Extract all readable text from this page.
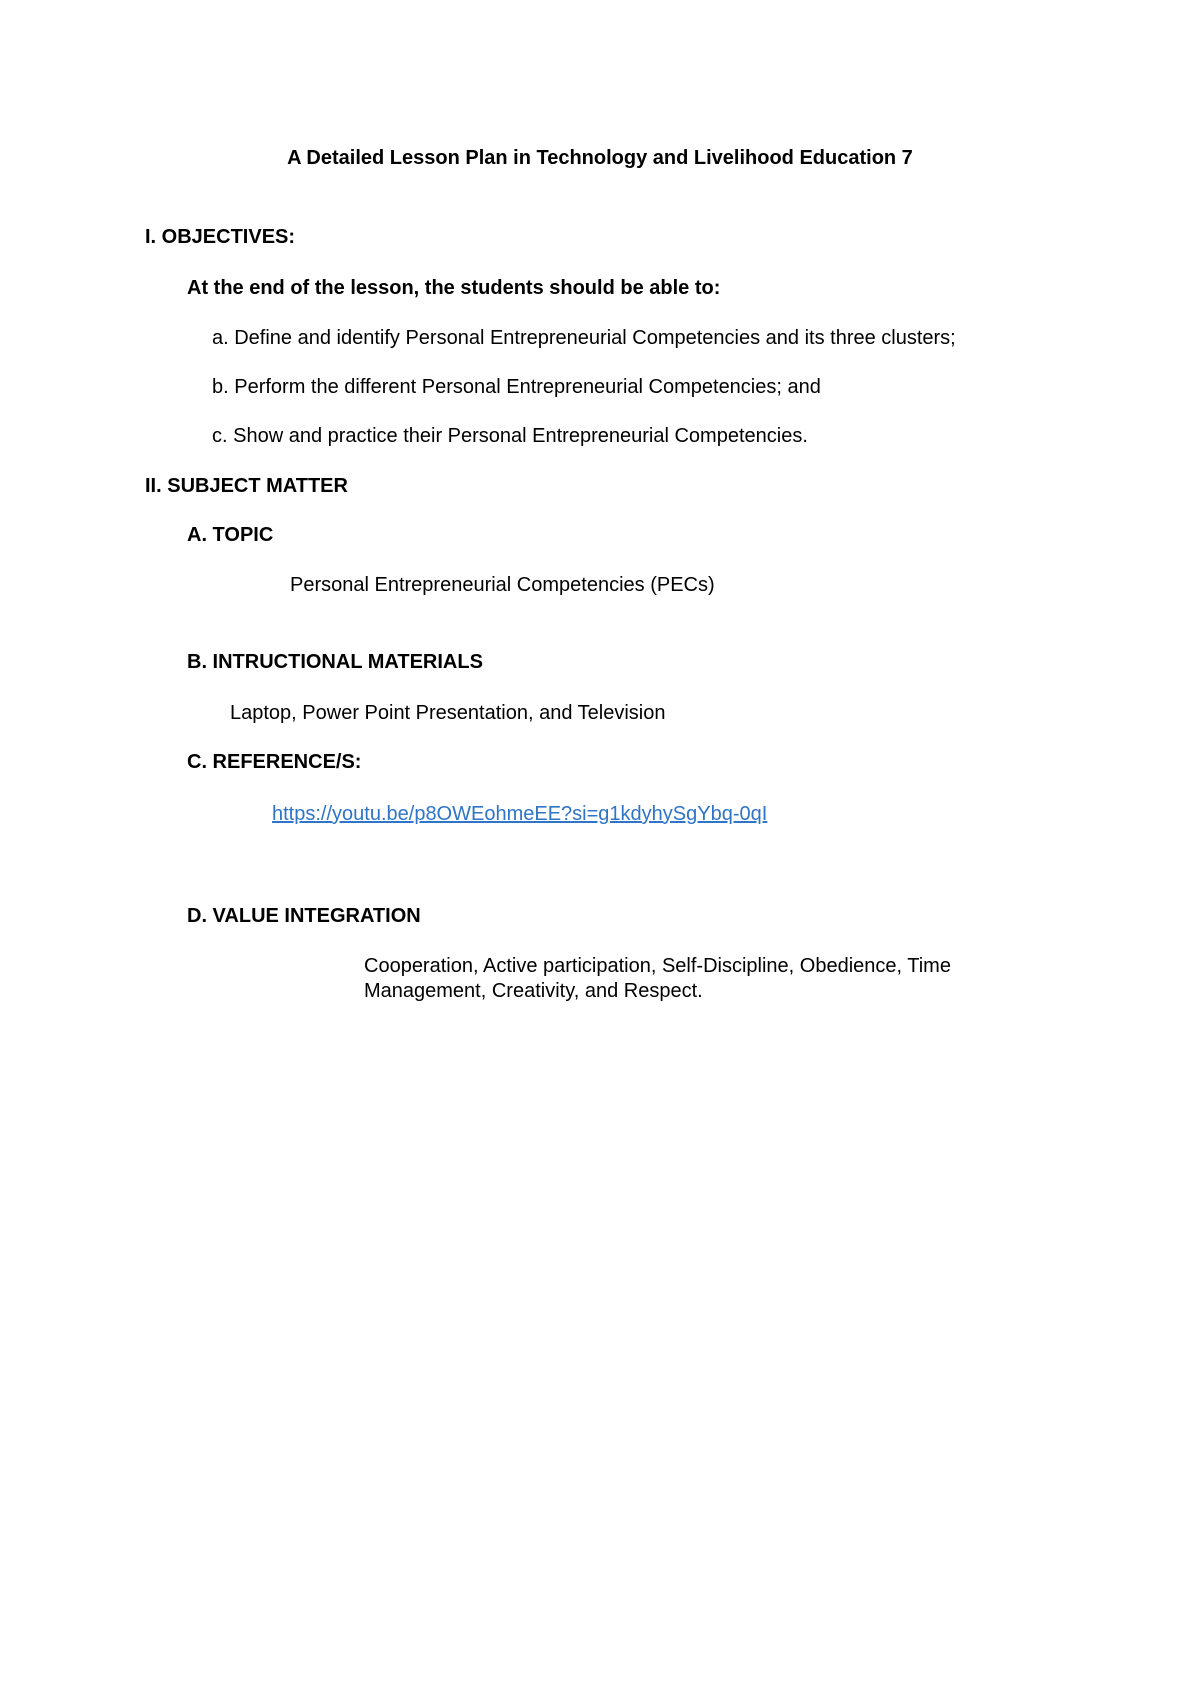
A Detailed Lesson Plan in Technology and Livelihood Education 7
I. OBJECTIVES:
At the end of the lesson, the students should be able to:
a. Define and identify Personal Entrepreneurial Competencies and its three clusters;
b. Perform the different Personal Entrepreneurial Competencies; and
c. Show and practice their Personal Entrepreneurial Competencies.
II. SUBJECT MATTER
A. TOPIC
Personal Entrepreneurial Competencies (PECs)
B. INTRUCTIONAL MATERIALS
Laptop, Power Point Presentation, and Television
C. REFERENCE/S:
https://youtu.be/p8OWEohmeEE?si=g1kdyhySgYbq-0qI
D. VALUE INTEGRATION
Cooperation, Active participation, Self-Discipline, Obedience, Time Management, Creativity, and Respect.
